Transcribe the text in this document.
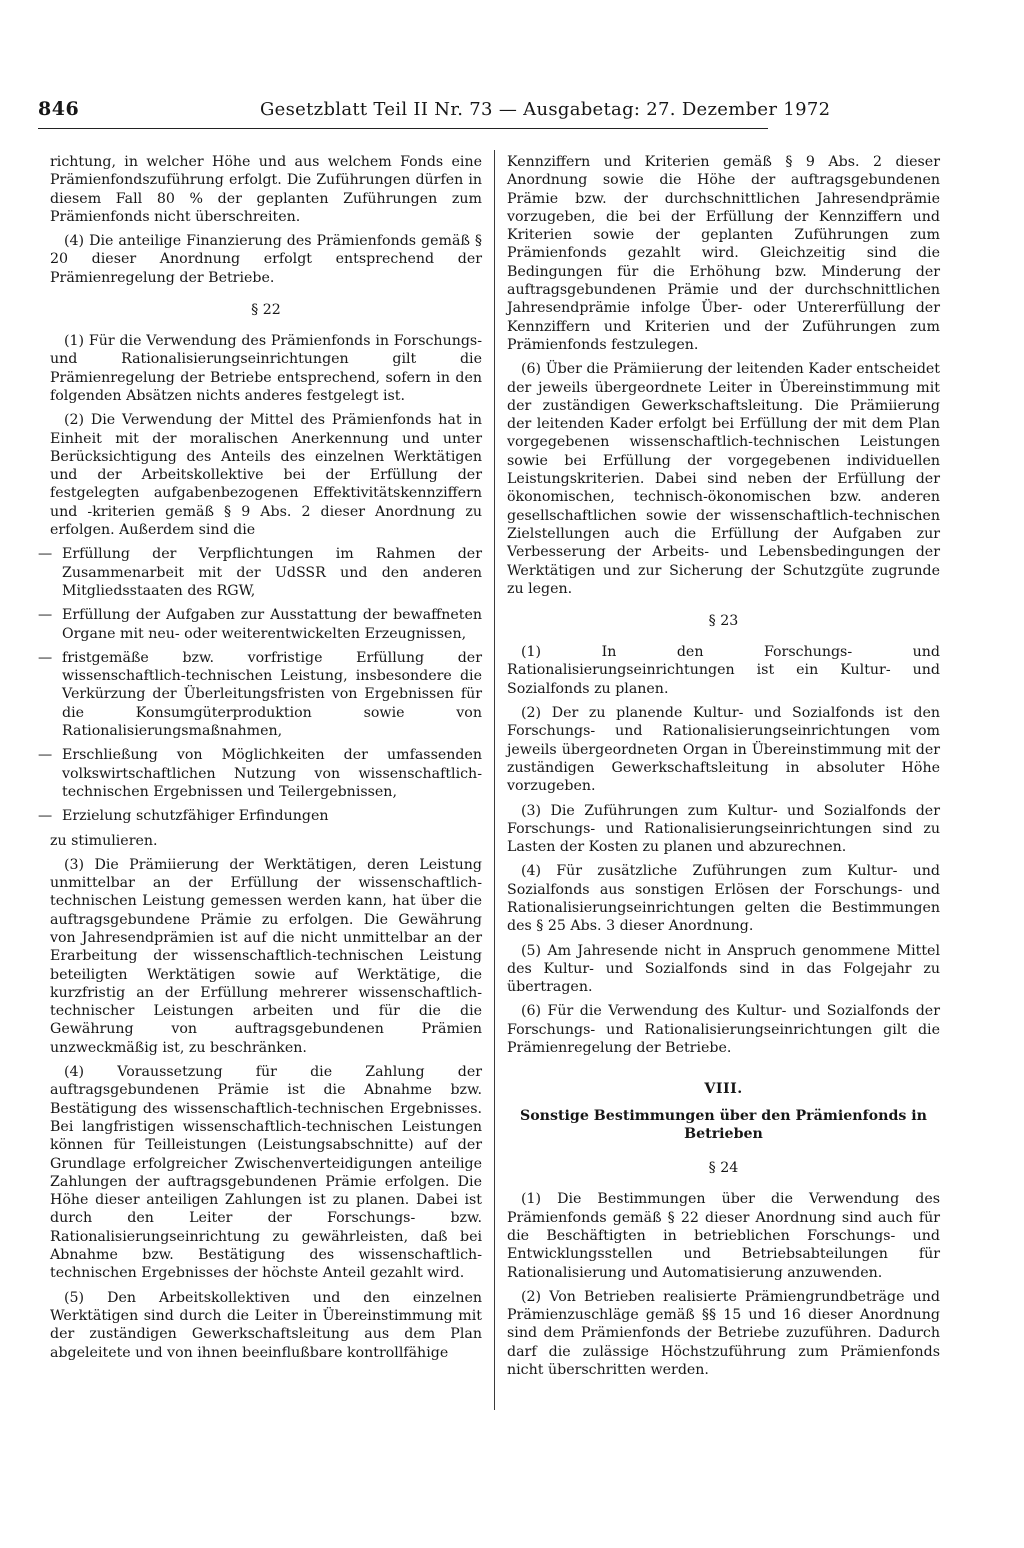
846	Gesetzblatt Teil II Nr. 73 — Ausgabetag: 27. Dezember 1972

richtung, in welcher Höhe und aus welchem Fonds eine Prämienfondszuführung erfolgt. Die Zuführungen dürfen in diesem Fall 80 % der geplanten Zuführungen zum Prämienfonds nicht überschreiten.

(4) Die anteilige Finanzierung des Prämienfonds gemäß § 20 dieser Anordnung erfolgt entsprechend der Prämienregelung der Betriebe.

§ 22

(1) Für die Verwendung des Prämienfonds in Forschungs- und Rationalisierungseinrichtungen gilt die Prämienregelung der Betriebe entsprechend, sofern in den folgenden Absätzen nichts anderes festgelegt ist.

(2) Die Verwendung der Mittel des Prämienfonds hat in Einheit mit der moralischen Anerkennung und unter Berücksichtigung des Anteils des einzelnen Werktätigen und der Arbeitskollektive bei der Erfüllung der festgelegten aufgabenbezogenen Effektivitätskennziffern und -kriterien gemäß § 9 Abs. 2 dieser Anordnung zu erfolgen. Außerdem sind die

— Erfüllung der Verpflichtungen im Rahmen der Zusammenarbeit mit der UdSSR und den anderen Mitgliedsstaaten des RGW,
— Erfüllung der Aufgaben zur Ausstattung der bewaffneten Organe mit neu- oder weiterentwickelten Erzeugnissen,
— fristgemäße bzw. vorfristige Erfüllung der wissenschaftlich-technischen Leistung, insbesondere die Verkürzung der Überleitungsfristen von Ergebnissen für die Konsumgüterproduktion sowie von Rationalisierungsmaßnahmen,
— Erschließung von Möglichkeiten der umfassenden volkswirtschaftlichen Nutzung von wissenschaftlich-technischen Ergebnissen und Teilergebnissen,
— Erzielung schutzfähiger Erfindungen

zu stimulieren.

(3) Die Prämiierung der Werktätigen, deren Leistung unmittelbar an der Erfüllung der wissenschaftlich-technischen Leistung gemessen werden kann, hat über die auftragsgebundene Prämie zu erfolgen. Die Gewährung von Jahresendprämien ist auf die nicht unmittelbar an der Erarbeitung der wissenschaftlich-technischen Leistung beteiligten Werktätigen sowie auf Werktätige, die kurzfristig an der Erfüllung mehrerer wissenschaftlich-technischer Leistungen arbeiten und für die die Gewährung von auftragsgebundenen Prämien unzweckmäßig ist, zu beschränken.

(4) Voraussetzung für die Zahlung der auftragsgebundenen Prämie ist die Abnahme bzw. Bestätigung des wissenschaftlich-technischen Ergebnisses. Bei langfristigen wissenschaftlich-technischen Leistungen können für Teilleistungen (Leistungsabschnitte) auf der Grundlage erfolgreicher Zwischenverteidigungen anteilige Zahlungen der auftragsgebundenen Prämie erfolgen. Die Höhe dieser anteiligen Zahlungen ist zu planen. Dabei ist durch den Leiter der Forschungs- bzw. Rationalisierungseinrichtung zu gewährleisten, daß bei Abnahme bzw. Bestätigung des wissenschaftlich-technischen Ergebnisses der höchste Anteil gezahlt wird.

(5) Den Arbeitskollektiven und den einzelnen Werktätigen sind durch die Leiter in Übereinstimmung mit der zuständigen Gewerkschaftsleitung aus dem Plan abgeleitete und von ihnen beeinflußbare kontrollfähige

Kennziffern und Kriterien gemäß § 9 Abs. 2 dieser Anordnung sowie die Höhe der auftragsgebundenen Prämie bzw. der durchschnittlichen Jahresendprämie vorzugeben, die bei der Erfüllung der Kennziffern und Kriterien sowie der geplanten Zuführungen zum Prämienfonds gezahlt wird. Gleichzeitig sind die Bedingungen für die Erhöhung bzw. Minderung der auftragsgebundenen Prämie und der durchschnittlichen Jahresendprämie infolge Über- oder Untererfüllung der Kennziffern und Kriterien und der Zuführungen zum Prämienfonds festzulegen.

(6) Über die Prämiierung der leitenden Kader entscheidet der jeweils übergeordnete Leiter in Übereinstimmung mit der zuständigen Gewerkschaftsleitung. Die Prämiierung der leitenden Kader erfolgt bei Erfüllung der mit dem Plan vorgegebenen wissenschaftlich-technischen Leistungen sowie bei Erfüllung der vorgegebenen individuellen Leistungskriterien. Dabei sind neben der Erfüllung der ökonomischen, technisch-ökonomischen bzw. anderen gesellschaftlichen sowie der wissenschaftlich-technischen Zielstellungen auch die Erfüllung der Aufgaben zur Verbesserung der Arbeits- und Lebensbedingungen der Werktätigen und zur Sicherung der Schutzgüte zugrunde zu legen.

§ 23

(1) In den Forschungs- und Rationalisierungseinrichtungen ist ein Kultur- und Sozialfonds zu planen.

(2) Der zu planende Kultur- und Sozialfonds ist den Forschungs- und Rationalisierungseinrichtungen vom jeweils übergeordneten Organ in Übereinstimmung mit der zuständigen Gewerkschaftsleitung in absoluter Höhe vorzugeben.

(3) Die Zuführungen zum Kultur- und Sozialfonds der Forschungs- und Rationalisierungseinrichtungen sind zu Lasten der Kosten zu planen und abzurechnen.

(4) Für zusätzliche Zuführungen zum Kultur- und Sozialfonds aus sonstigen Erlösen der Forschungs- und Rationalisierungseinrichtungen gelten die Bestimmungen des § 25 Abs. 3 dieser Anordnung.

(5) Am Jahresende nicht in Anspruch genommene Mittel des Kultur- und Sozialfonds sind in das Folgejahr zu übertragen.

(6) Für die Verwendung des Kultur- und Sozialfonds der Forschungs- und Rationalisierungseinrichtungen gilt die Prämienregelung der Betriebe.

VIII.
Sonstige Bestimmungen über den Prämienfonds in Betrieben
§ 24

(1) Die Bestimmungen über die Verwendung des Prämienfonds gemäß § 22 dieser Anordnung sind auch für die Beschäftigten in betrieblichen Forschungs- und Entwicklungsstellen und Betriebsabteilungen für Rationalisierung und Automatisierung anzuwenden.

(2) Von Betrieben realisierte Prämiengrundbeträge und Prämienzuschläge gemäß §§ 15 und 16 dieser Anordnung sind dem Prämienfonds der Betriebe zuzuführen. Dadurch darf die zulässige Höchstzuführung zum Prämienfonds nicht überschritten werden.
